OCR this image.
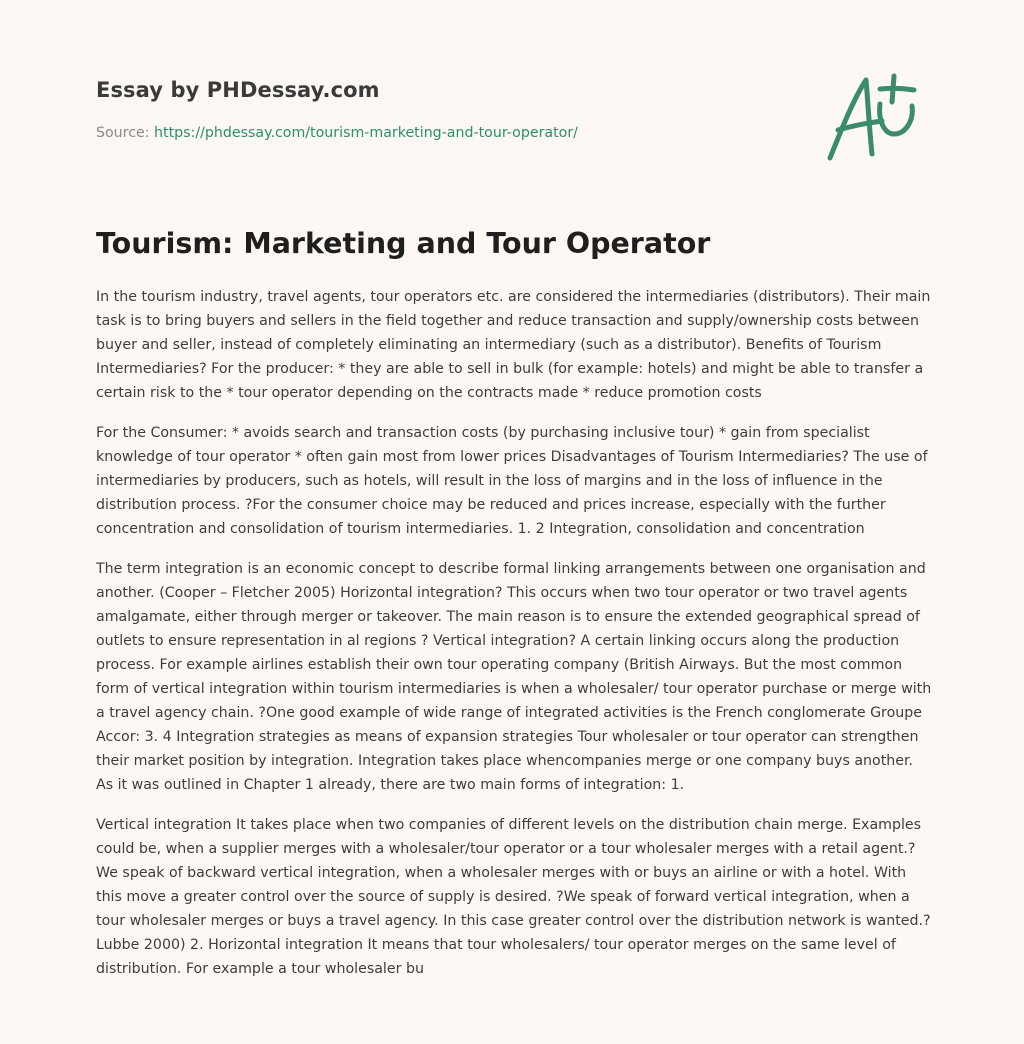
Essay by PHDessay.com
Source: https://phdessay.com/tourism-marketing-and-tour-operator/
Tourism: Marketing and Tour Operator

In the tourism industry, travel agents, tour operators etc. are considered the intermediaries (distributors). Their main task is to bring buyers and sellers in the field together and reduce transaction and supply/ownership costs between buyer and seller, instead of completely eliminating an intermediary (such as a distributor). Benefits of Tourism Intermediaries? For the producer: * they are able to sell in bulk (for example: hotels) and might be able to transfer a certain risk to the * tour operator depending on the contracts made * reduce promotion costs

For the Consumer: * avoids search and transaction costs (by purchasing inclusive tour) * gain from specialist knowledge of tour operator * often gain most from lower prices Disadvantages of Tourism Intermediaries? The use of intermediaries by producers, such as hotels, will result in the loss of margins and in the loss of influence in the distribution process. ?For the consumer choice may be reduced and prices increase, especially with the further concentration and consolidation of tourism intermediaries. 1. 2 Integration, consolidation and concentration

The term integration is an economic concept to describe formal linking arrangements between one organisation and another. (Cooper – Fletcher 2005) Horizontal integration? This occurs when two tour operator or two travel agents amalgamate, either through merger or takeover. The main reason is to ensure the extended geographical spread of outlets to ensure representation in al regions ? Vertical integration? A certain linking occurs along the production process. For example airlines establish their own tour operating company (British Airways. But the most common form of vertical integration within tourism intermediaries is when a wholesaler/ tour operator purchase or merge with a travel agency chain. ?One good example of wide range of integrated activities is the French conglomerate Groupe Accor: 3. 4 Integration strategies as means of expansion strategies Tour wholesaler or tour operator can strengthen their market position by integration. Integration takes place whencompanies merge or one company buys another. As it was outlined in Chapter 1 already, there are two main forms of integration: 1.

Vertical integration It takes place when two companies of different levels on the distribution chain merge. Examples could be, when a supplier merges with a wholesaler/tour operator or a tour wholesaler merges with a retail agent.? We speak of backward vertical integration, when a wholesaler merges with or buys an airline or with a hotel. With this move a greater control over the source of supply is desired. ?We speak of forward vertical integration, when a tour wholesaler merges or buys a travel agency. In this case greater control over the distribution network is wanted.? Lubbe 2000) 2. Horizontal integration It means that tour wholesalers/ tour operator merges on the same level of distribution. For example a tour wholesaler bu
